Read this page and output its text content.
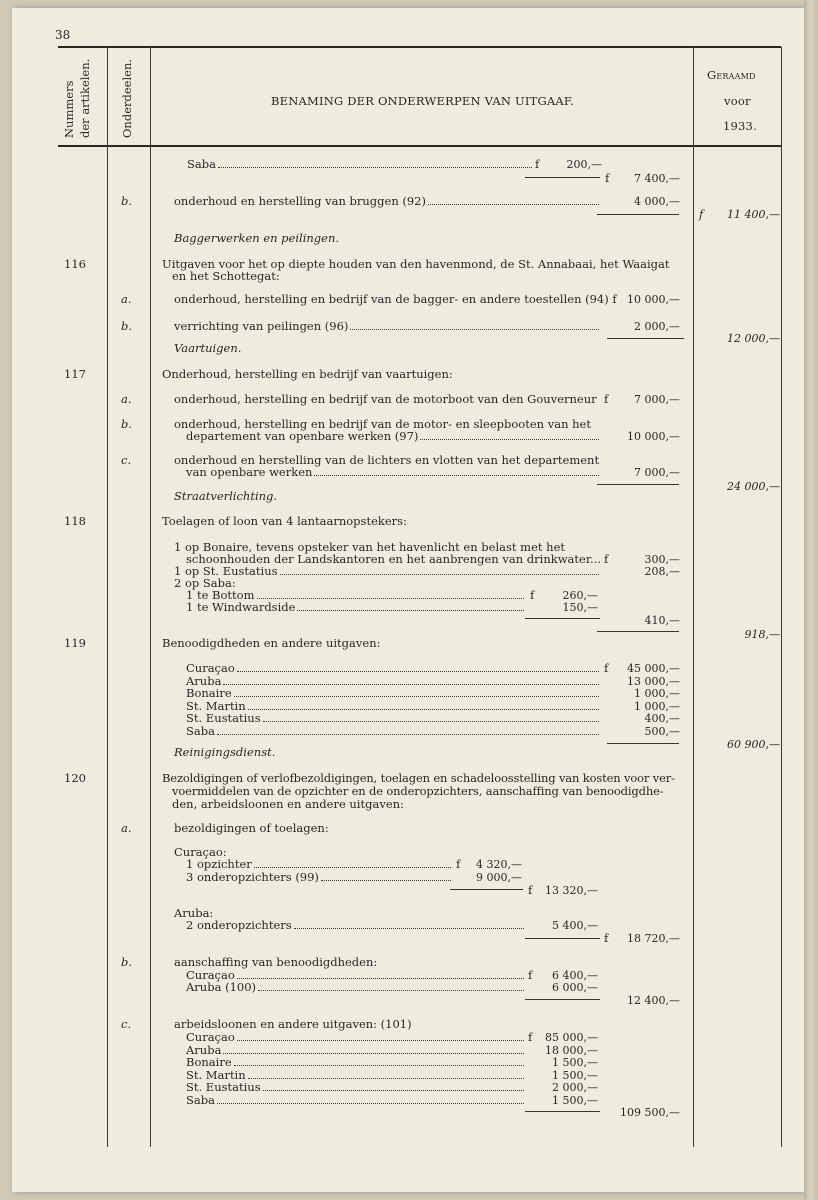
38
Nummers der artikelen. Onderdeelen.	BENAMING DER ONDERWERPEN VAN UITGAAF.
Geraamd
voor
1933.
Saba	f	200,—
f	7 400,—
b.	onderhoud en herstelling van bruggen (92)	4 000,—
f	11 400,—
Baggerwerken en peilingen.
116	Uitgaven voor het op diepte houden van den havenmond, de St. Annabaai, het Waaigat
en het Schottegat:
a.	onderhoud, herstelling en bedrijf van de bagger- en andere toestellen (94) f 10 000,—
b.	verrichting van peilingen (96)	2 000,—
12 000,—
Vaartuigen.
117	Onderhoud, herstelling en bedrijf van vaartuigen:
a.	onderhoud, herstelling en bedrijf van de motorboot van den Gouverneur f	7 000,—
b.	onderhoud, herstelling en bedrijf van de motor- en sleepbooten van het
departement van openbare werken (97)	10 000,—
c.	onderhoud en herstelling van de lichters en vlotten van het departement
van openbare werken	7 000,—
24 000,—
Straatverlichting.
118	Toelagen of loon van 4 lantaarnopstekers:
1 op Bonaire, tevens opsteker van het havenlicht en belast met het
schoonhouden der Landskantoren en het aanbrengen van drinkwater... f	300,—
1 op St. Eustatius	208,—
2 op Saba:
1 te Bottom	f	260,—
1 te Windwardside	150,—
410,—
918,—
119	Benoodigdheden en andere uitgaven:
Curaçao	f	45 000,—
Aruba	13 000,—
Bonaire	1 000,—
St. Martin	1 000,—
St. Eustatius	400,—
Saba	500,—
60 900,—
Reinigingsdienst.
120	Bezoldigingen of verlofbezoldigingen, toelagen en schadeloosstelling van kosten voor ver-
voermiddelen van de opzichter en de onderopzichters, aanschaffing van benoodigdhe-
den, arbeidsloonen en andere uitgaven:
a.	bezoldigingen of toelagen:
Curaçao:
1 opzichter	f	4 320,—
3 onderopzichters (99)	9 000,—
f	13 320,—
Aruba:
2 onderopzichters	5 400,—
f	18 720,—
b.	aanschaffing van benoodigdheden:
Curaçao	f	6 400,—
Aruba (100)	6 000,—
12 400,—
c.	arbeidsloonen en andere uitgaven: (101)
Curaçao	f	85 000,—
Aruba	18 000,—
Bonaire	1 500,—
St. Martin	1 500,—
St. Eustatius	2 000,—
Saba	1 500,—
109 500,—
